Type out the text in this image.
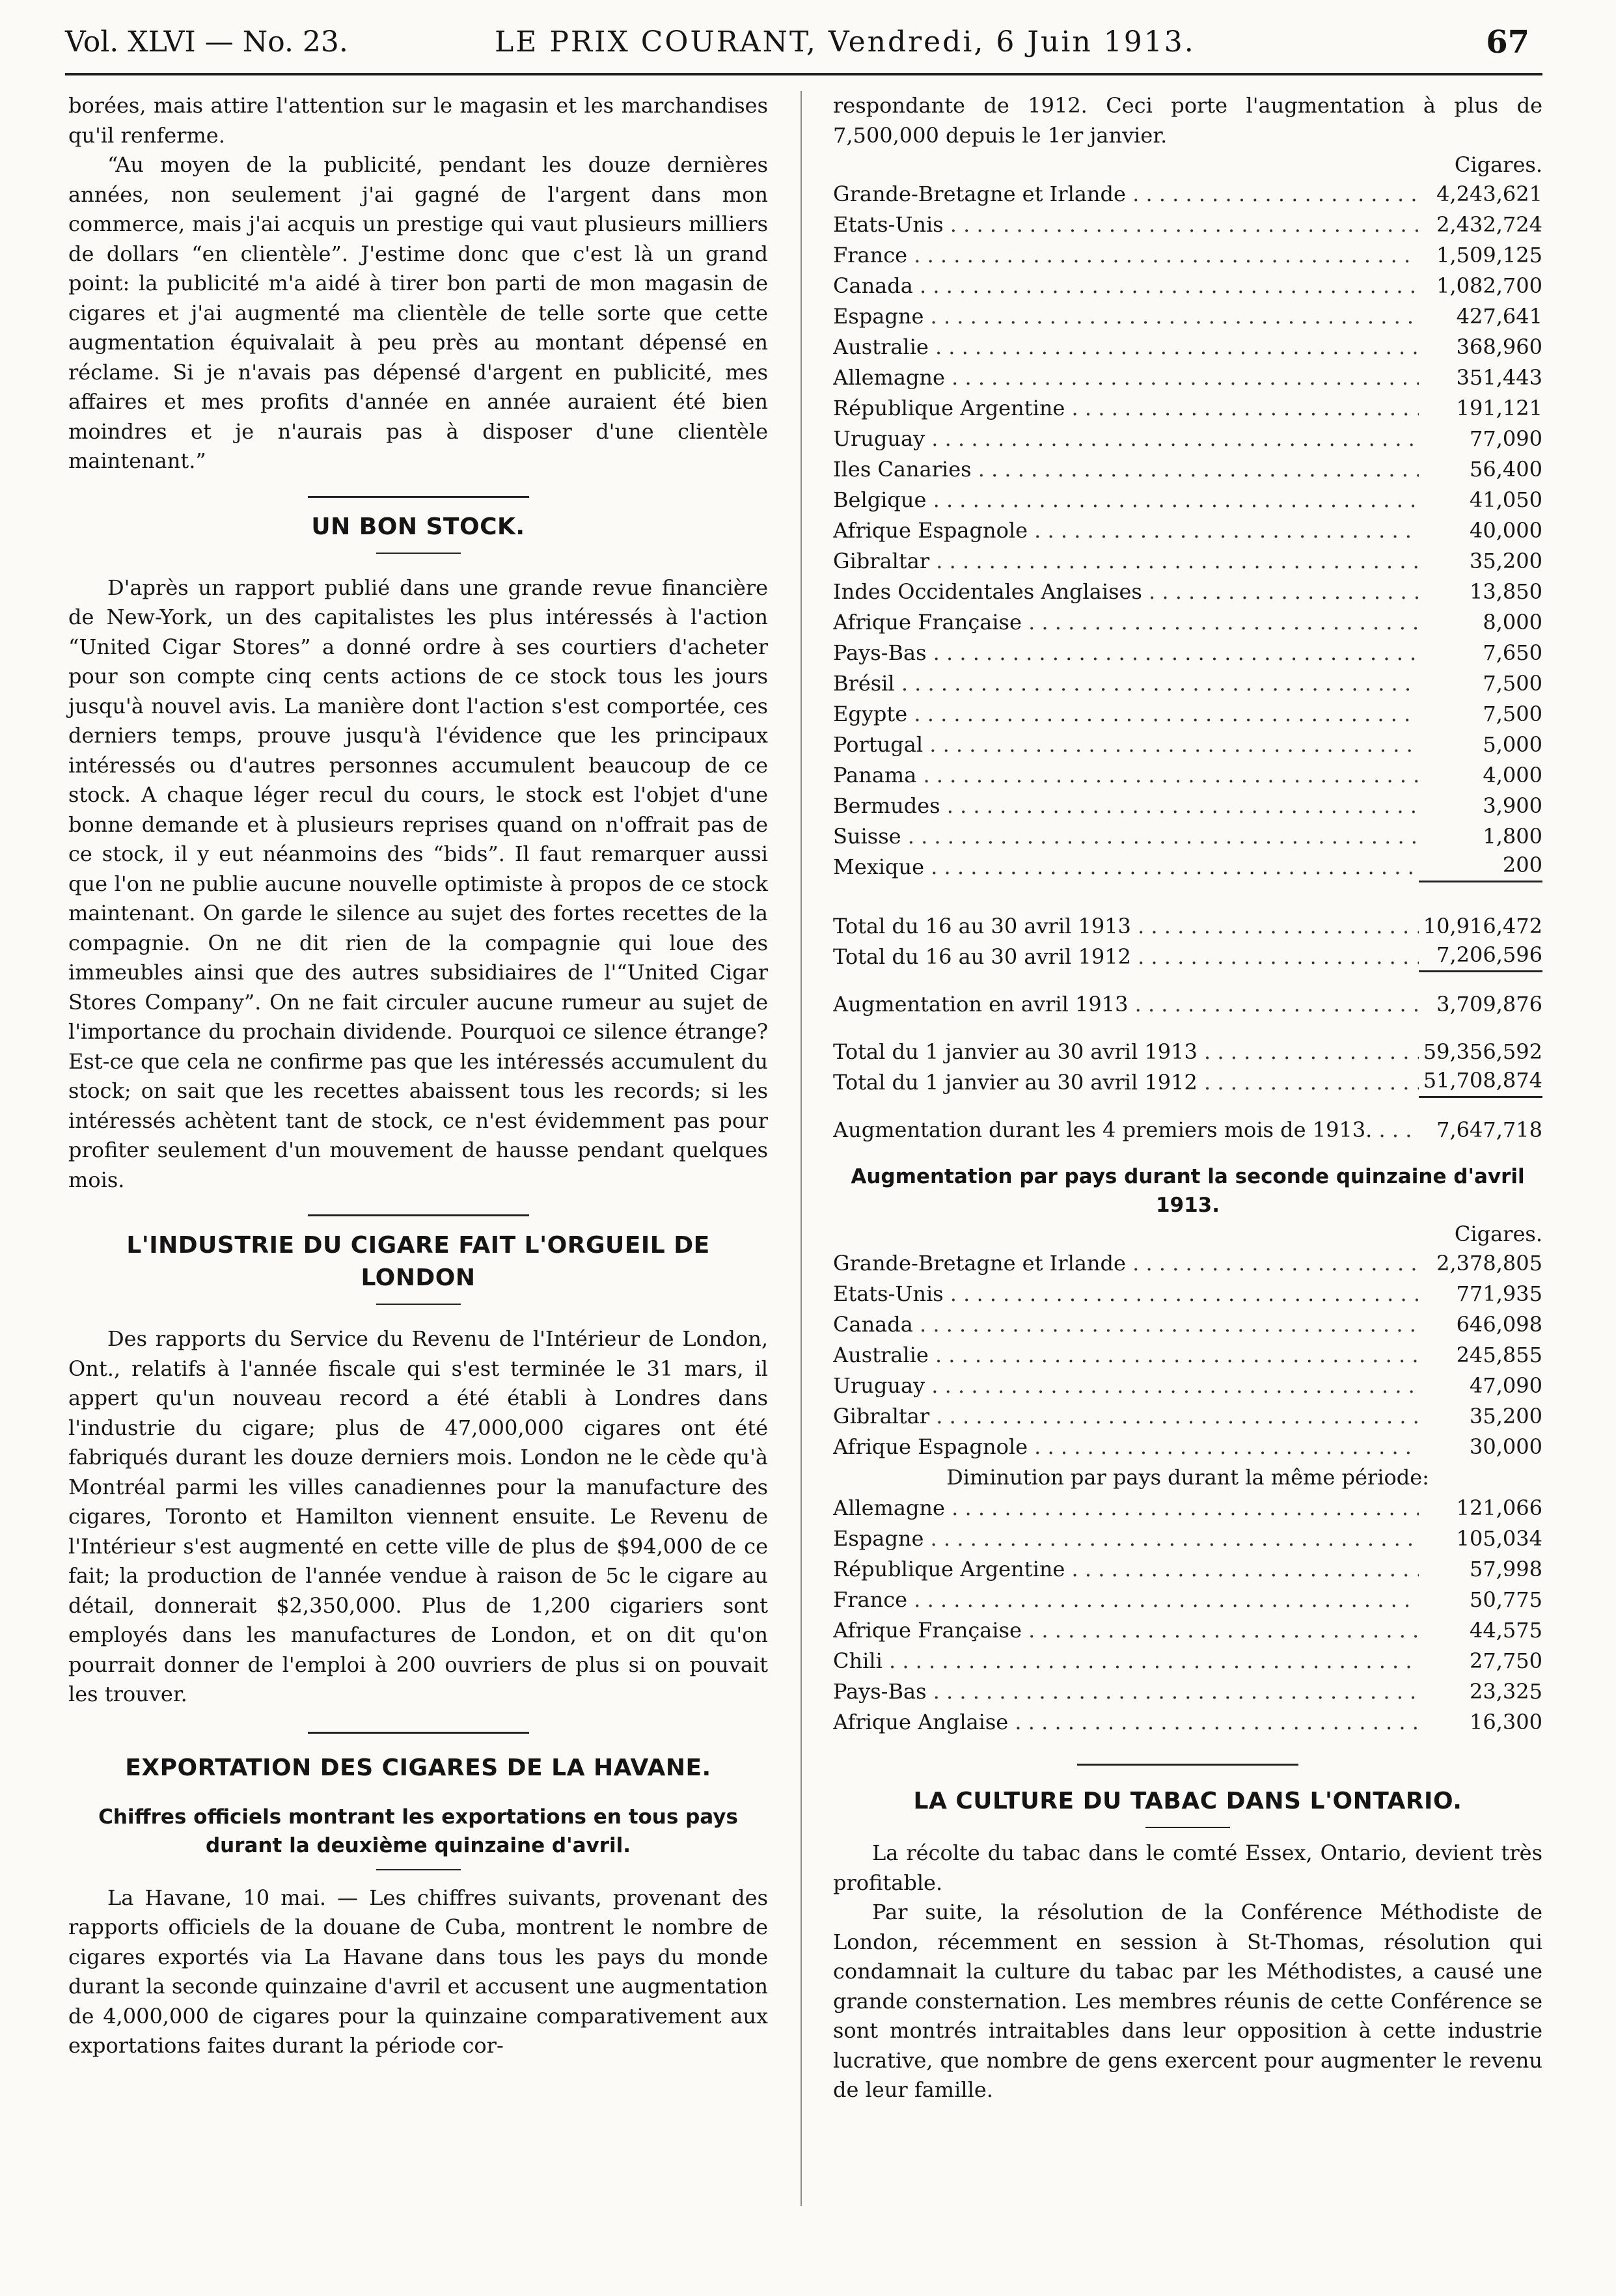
Vol. XLVI — No. 23.	LE PRIX COURANT, Vendredi, 6 Juin 1913.	67

borées, mais attire l'attention sur le magasin et les marchandises qu'il renferme.

“Au moyen de la publicité, pendant les douze dernières années, non seulement j'ai gagné de l'argent dans mon commerce, mais j'ai acquis un prestige qui vaut plusieurs milliers de dollars “en clientèle”. J'estime donc que c'est là un grand point: la publicité m'a aidé à tirer bon parti de mon magasin de cigares et j'ai augmenté ma clientèle de telle sorte que cette augmentation équivalait à peu près au montant dépensé en réclame. Si je n'avais pas dépensé d'argent en publicité, mes affaires et mes profits d'année en année auraient été bien moindres et je n'aurais pas à disposer d'une clientèle maintenant.”

UN BON STOCK.

D'après un rapport publié dans une grande revue financière de New-York, un des capitalistes les plus intéressés à l'action “United Cigar Stores” a donné ordre à ses courtiers d'acheter pour son compte cinq cents actions de ce stock tous les jours jusqu'à nouvel avis. La manière dont l'action s'est comportée, ces derniers temps, prouve jusqu'à l'évidence que les principaux intéressés ou d'autres personnes accumulent beaucoup de ce stock. A chaque léger recul du cours, le stock est l'objet d'une bonne demande et à plusieurs reprises quand on n'offrait pas de ce stock, il y eut néanmoins des “bids”. Il faut remarquer aussi que l'on ne publie aucune nouvelle optimiste à propos de ce stock maintenant. On garde le silence au sujet des fortes recettes de la compagnie. On ne dit rien de la compagnie qui loue des immeubles ainsi que des autres subsidiaires de l'“United Cigar Stores Company”. On ne fait circuler aucune rumeur au sujet de l'importance du prochain dividende. Pourquoi ce silence étrange? Est-ce que cela ne confirme pas que les intéressés accumulent du stock; on sait que les recettes abaissent tous les records; si les intéressés achètent tant de stock, ce n'est évidemment pas pour profiter seulement d'un mouvement de hausse pendant quelques mois.

L'INDUSTRIE DU CIGARE FAIT L'ORGUEIL DE LONDON

Des rapports du Service du Revenu de l'Intérieur de London, Ont., relatifs à l'année fiscale qui s'est terminée le 31 mars, il appert qu'un nouveau record a été établi à Londres dans l'industrie du cigare; plus de 47,000,000 cigares ont été fabriqués durant les douze derniers mois. London ne le cède qu'à Montréal parmi les villes canadiennes pour la manufacture des cigares, Toronto et Hamilton viennent ensuite. Le Revenu de l'Intérieur s'est augmenté en cette ville de plus de $94,000 de ce fait; la production de l'année vendue à raison de 5c le cigare au détail, donnerait $2,350,000. Plus de 1,200 cigariers sont employés dans les manufactures de London, et on dit qu'on pourrait donner de l'emploi à 200 ouvriers de plus si on pouvait les trouver.

EXPORTATION DES CIGARES DE LA HAVANE.
Chiffres officiels montrant les exportations en tous pays durant la deuxième quinzaine d'avril.

La Havane, 10 mai. — Les chiffres suivants, provenant des rapports officiels de la douane de Cuba, montrent le nombre de cigares exportés via La Havane dans tous les pays du monde durant la seconde quinzaine d'avril et accusent une augmentation de 4,000,000 de cigares pour la quinzaine comparativement aux exportations faites durant la période cor-

respondante de 1912. Ceci porte l'augmentation à plus de 7,500,000 depuis le 1er janvier.

Cigares.
Grande-Bretagne et Irlande . . .	4,243,621
Etats-Unis . . .	2,432,724
France . . .	1,509,125
Canada . . .	1,082,700
Espagne . . .	427,641
Australie . . .	368,960
Allemagne . . .	351,443
République Argentine . . .	191,121
Uruguay . . .	77,090
Iles Canaries . . .	56,400
Belgique . . .	41,050
Afrique Espagnole . . .	40,000
Gibraltar . . .	35,200
Indes Occidentales Anglaises . . .	13,850
Afrique Française . . .	8,000
Pays-Bas . . .	7,650
Brésil . . .	7,500
Egypte . . .	7,500
Portugal . . .	5,000
Panama . . .	4,000
Bermudes . . .	3,900
Suisse . . .	1,800
Mexique . . .	200
Total du 16 au 30 avril 1913 . . .	10,916,472
Total du 16 au 30 avril 1912 . . .	7,206,596
Augmentation en avril 1913 . . .	3,709,876
Total du 1 janvier au 30 avril 1913 . . .	59,356,592
Total du 1 janvier au 30 avril 1912 . . .	51,708,874
Augmentation durant les 4 premiers mois de 1913. . . .	7,647,718
Augmentation par pays durant la seconde quinzaine d'avril 1913.
Cigares.
Grande-Bretagne et Irlande . . .	2,378,805
Etats-Unis . . .	771,935
Canada . . .	646,098
Australie . . .	245,855
Uruguay . . .	47,090
Gibraltar . . .	35,200
Afrique Espagnole . . .	30,000
Diminution par pays durant la même période:
Allemagne . . .	121,066
Espagne . . .	105,034
République Argentine . . .	57,998
France . . .	50,775
Afrique Française . . .	44,575
Chili . . .	27,750
Pays-Bas . . .	23,325
Afrique Anglaise . . .	16,300
LA CULTURE DU TABAC DANS L'ONTARIO.

La récolte du tabac dans le comté Essex, Ontario, devient très profitable.

Par suite, la résolution de la Conférence Méthodiste de London, récemment en session à St-Thomas, résolution qui condamnait la culture du tabac par les Méthodistes, a causé une grande consternation. Les membres réunis de cette Conférence se sont montrés intraitables dans leur opposition à cette industrie lucrative, que nombre de gens exercent pour augmenter le revenu de leur famille.
